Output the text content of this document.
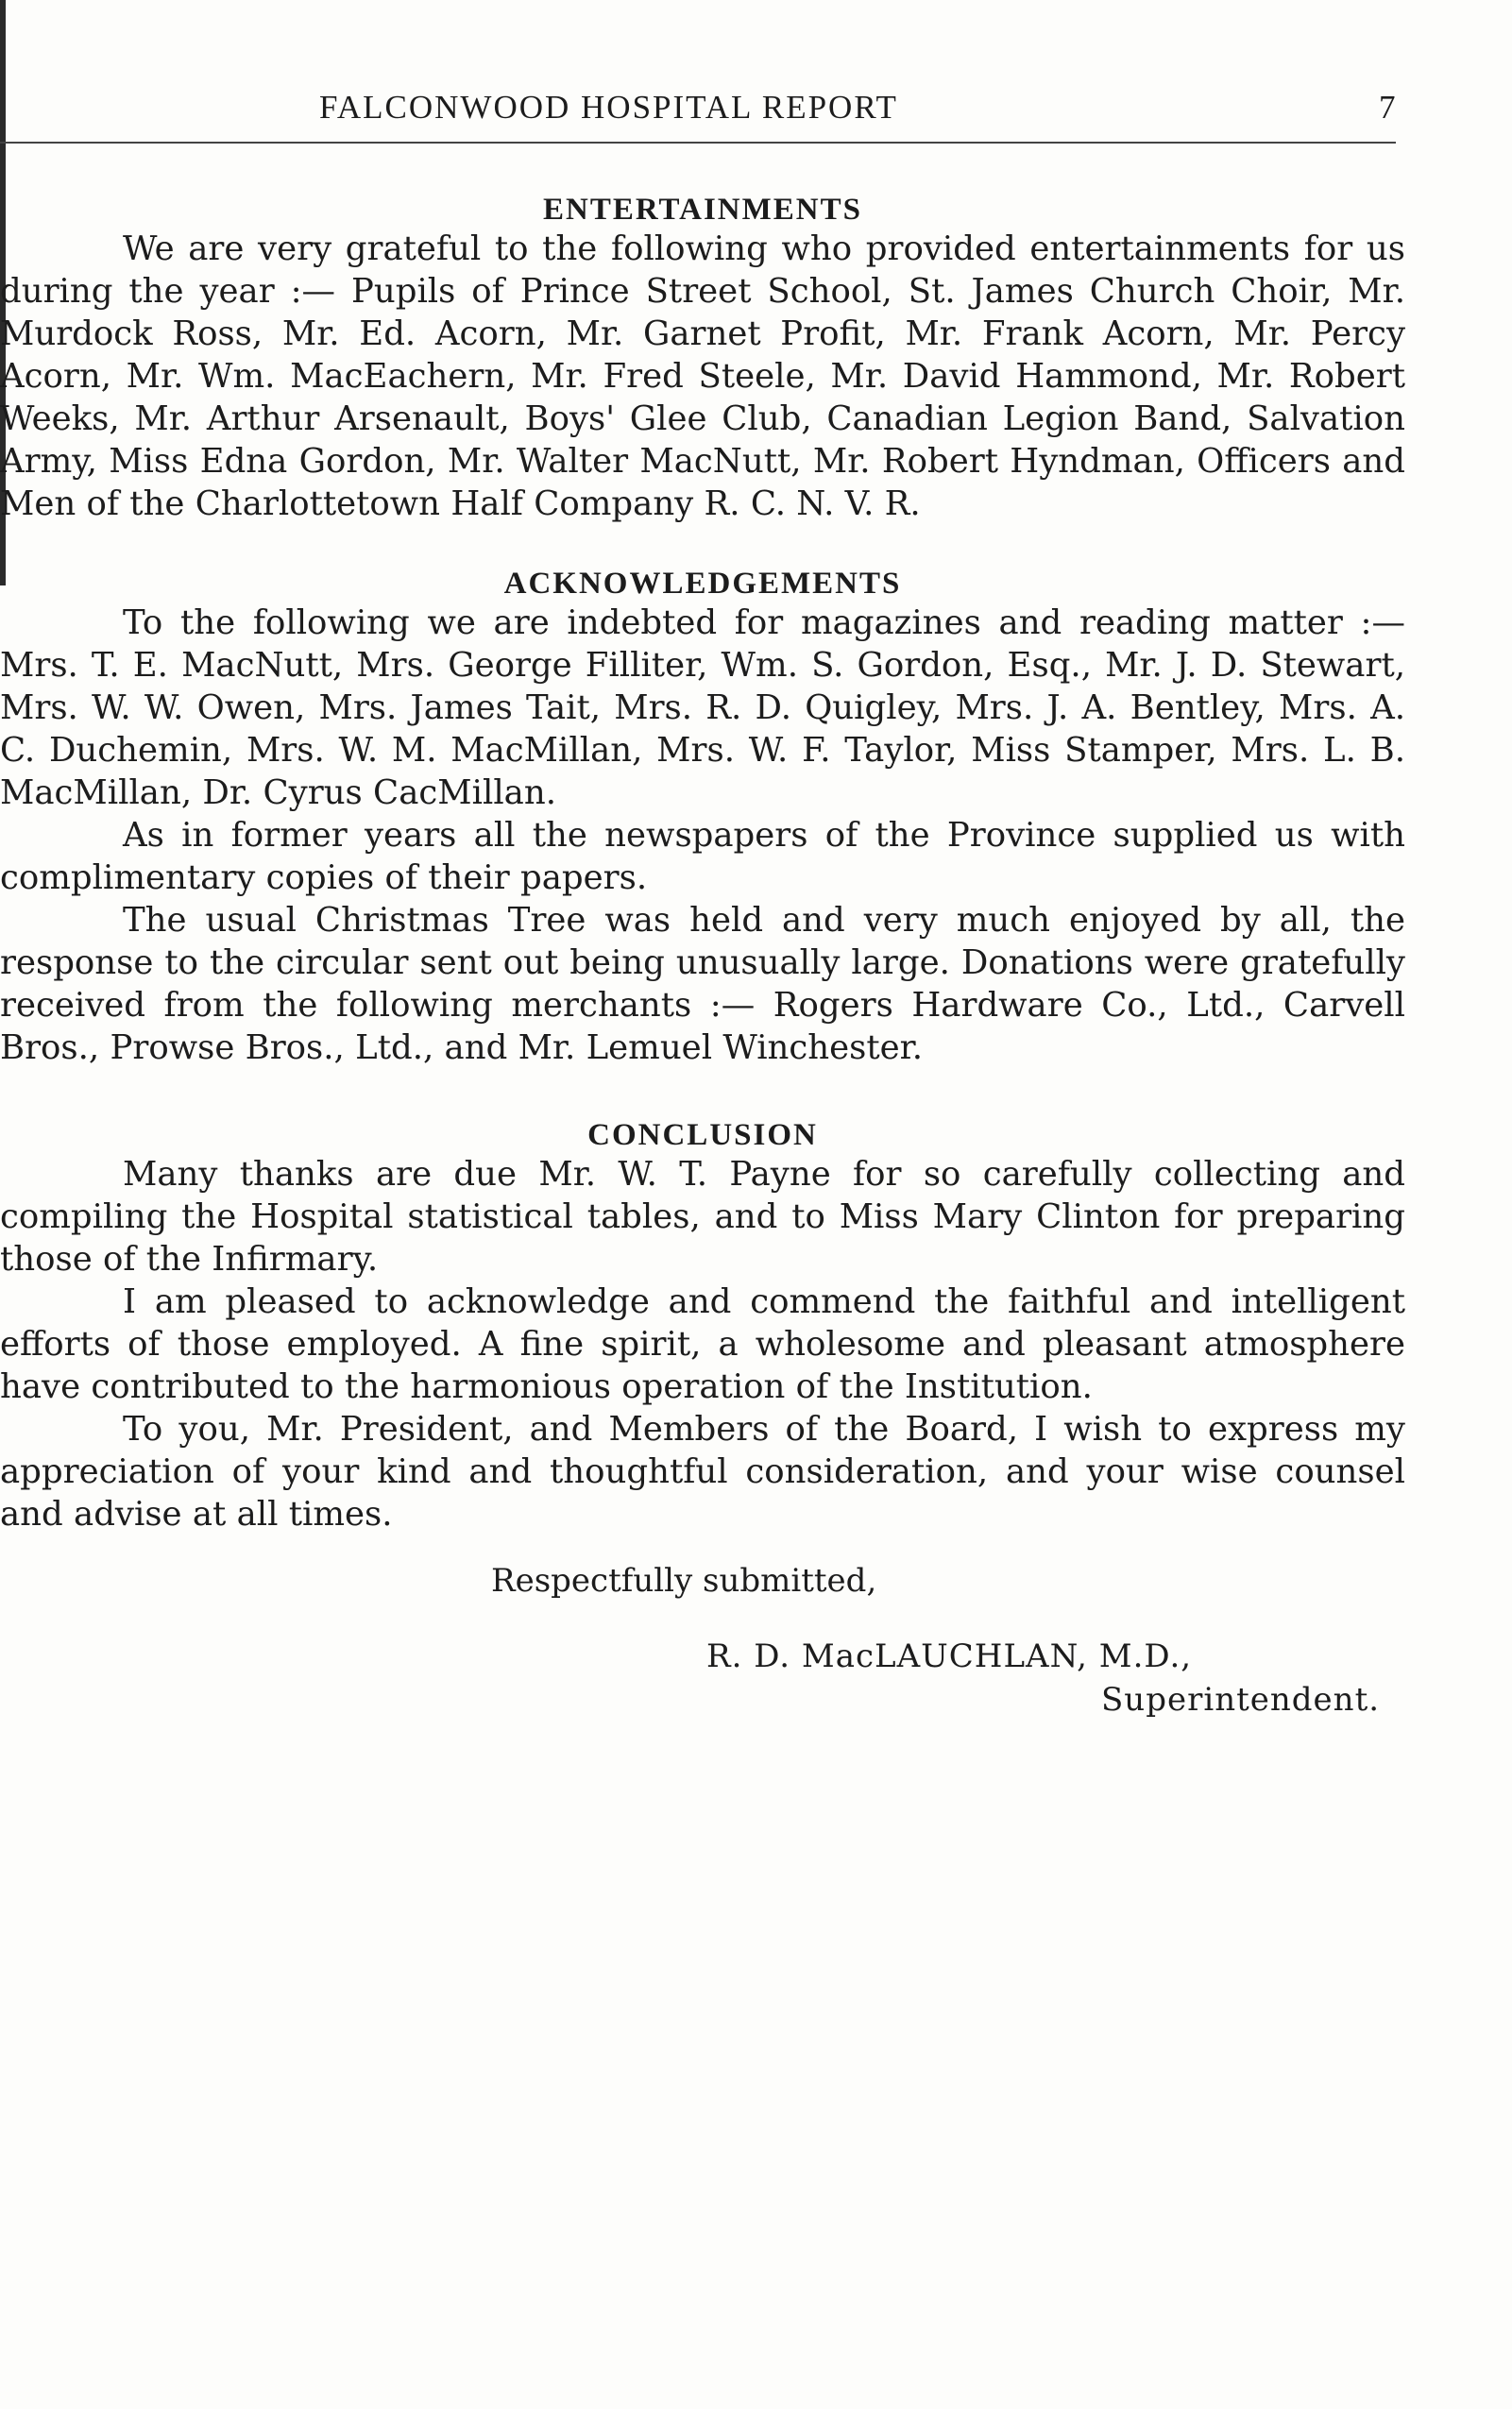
FALCONWOOD HOSPITAL REPORT	7
ENTERTAINMENTS

We are very grateful to the following who provided entertainments for us during the year :— Pupils of Prince Street School, St. James Church Choir, Mr. Murdock Ross, Mr. Ed. Acorn, Mr. Garnet Profit, Mr. Frank Acorn, Mr. Percy Acorn, Mr. Wm. MacEachern, Mr. Fred Steele, Mr. David Hammond, Mr. Robert Weeks, Mr. Arthur Arsenault, Boys' Glee Club, Canadian Legion Band, Salvation Army, Miss Edna Gordon, Mr. Walter MacNutt, Mr. Robert Hyndman, Officers and Men of the Charlottetown Half Company R. C. N. V. R.

ACKNOWLEDGEMENTS

To the following we are indebted for magazines and reading matter :— Mrs. T. E. MacNutt, Mrs. George Filliter, Wm. S. Gordon, Esq., Mr. J. D. Stewart, Mrs. W. W. Owen, Mrs. James Tait, Mrs. R. D. Quigley, Mrs. J. A. Bentley, Mrs. A. C. Duchemin, Mrs. W. M. MacMillan, Mrs. W. F. Taylor, Miss Stamper, Mrs. L. B. MacMillan, Dr. Cyrus CacMillan.

As in former years all the newspapers of the Province supplied us with complimentary copies of their papers.

The usual Christmas Tree was held and very much enjoyed by all, the response to the circular sent out being unusually large. Donations were gratefully received from the following merchants :— Rogers Hardware Co., Ltd., Carvell Bros., Prowse Bros., Ltd., and Mr. Lemuel Winchester.

CONCLUSION

Many thanks are due Mr. W. T. Payne for so carefully collecting and compiling the Hospital statistical tables, and to Miss Mary Clinton for preparing those of the Infirmary.

I am pleased to acknowledge and commend the faithful and intelligent efforts of those employed. A fine spirit, a wholesome and pleasant atmosphere have contributed to the harmonious operation of the Institution.

To you, Mr. President, and Members of the Board, I wish to express my appreciation of your kind and thoughtful consideration, and your wise counsel and advise at all times.

Respectfully submitted,
R. D. MacLAUCHLAN, M.D.,
Superintendent.
